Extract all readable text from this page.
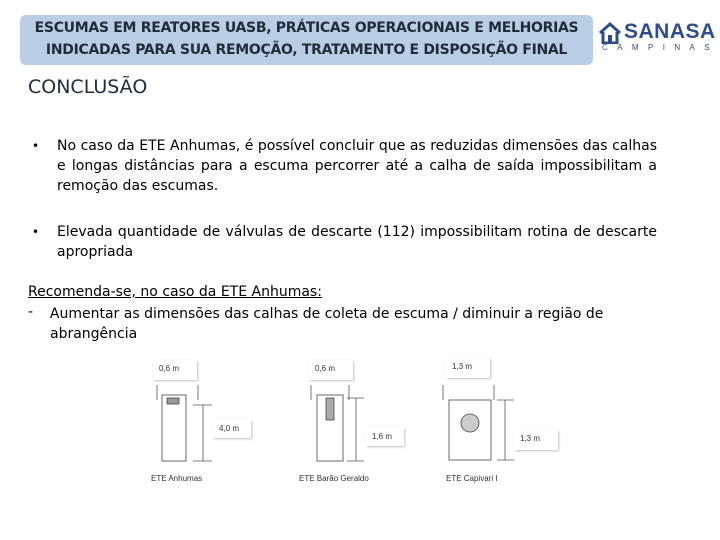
ESCUMAS EM REATORES UASB, PRÁTICAS OPERACIONAIS E MELHORIAS
INDICADAS PARA SUA REMOÇÃO, TRATAMENTO E DISPOSIÇÃO FINAL
SANASA
CAMPINAS
CONCLUSÃO
• No caso da ETE Anhumas, é possível concluir que as reduzidas dimensões das calhas e longas distâncias para a escuma percorrer até a calha de saída impossibilitam a remoção das escumas.
• Elevada quantidade de válvulas de descarte (112) impossibilitam rotina de descarte apropriada
Recomenda-se, no caso da ETE Anhumas:
- Aumentar as dimensões das calhas de coleta de escuma / diminuir a região de abrangência
0,6 m
4,0 m
ETE Anhumas
0,6 m
1,6 m
ETE Barão Geraldo
1,3 m
1,3 m
ETE Capivari I
